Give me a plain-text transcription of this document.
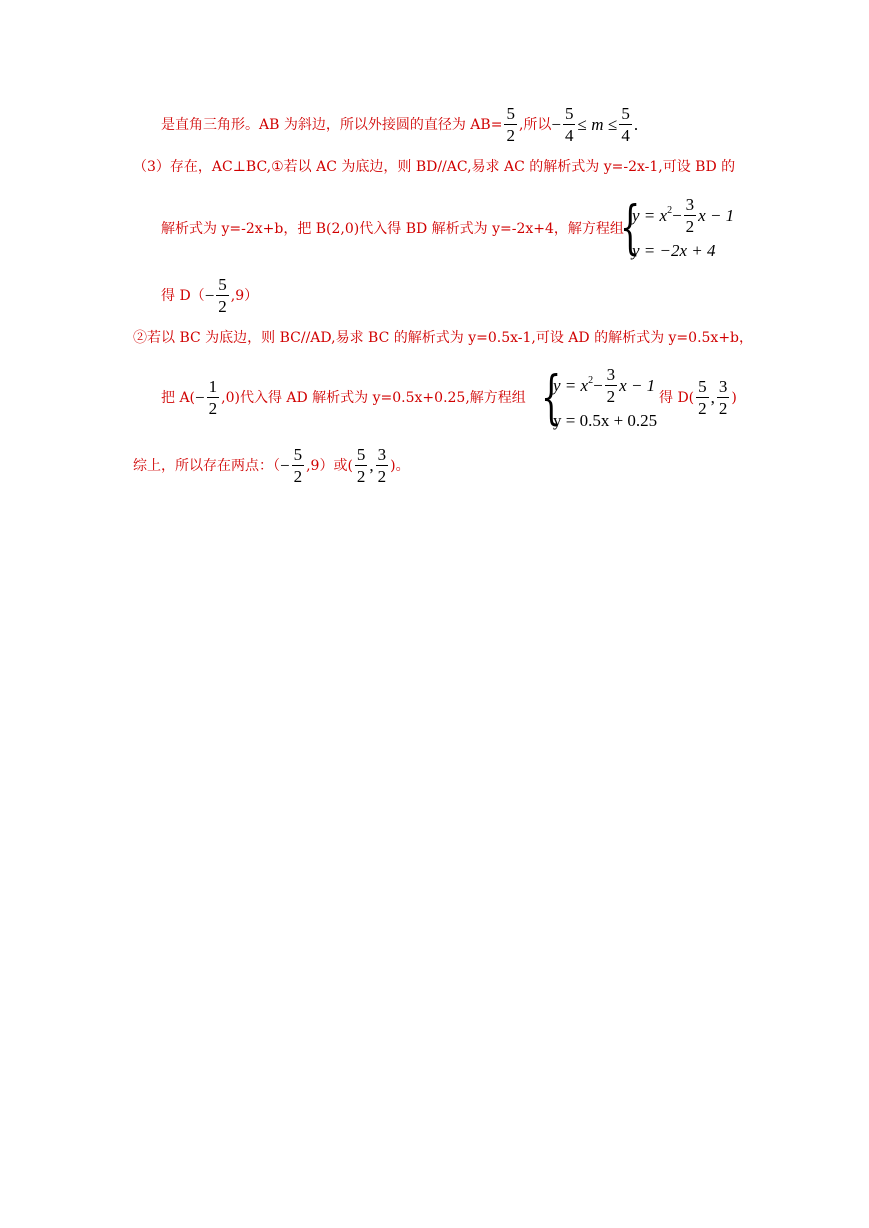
是直角三角形。AB 为斜边，所以外接圆的直径为 $AB= \frac{5}{2}$ ,所以− $\frac{5}{4} \le m \le \frac{5}{4}$ .
（3）存在，AC⊥BC,①若以 AC 为底边，则 BD//AC,易求 AC 的解析式为 y=-2x-1,可设 BD 的
解析式为 y=-2x+b，把 B(2,0)代入得 BD 解析式为 y=-2x+4，解方程组
{
$y = x^2- \frac{3}{2}$ x − 1
y = −2x + 4
得 $D(- \frac{5}{2} ,9)$
②若以 BC 为底边，则 BC//AD,易求 BC 的解析式为 y=0.5x-1,可设 AD 的解析式为 y=0.5x+b，
把 $A(- \frac{1}{2} ,0)$代入得 AD 解析式为 y=0.5x+0.25,解方程组 {
$y = x^2- \frac{3}{2}$ x − 1
y = 0.5x + 0.25
得 $D( \frac{5}{2}$ , $\frac{3}{2}$ )
综上，所以存在两点：（− $\frac{5}{2} ,9$）或( $\frac{5}{2}$ , $\frac{3}{2}$ )。
